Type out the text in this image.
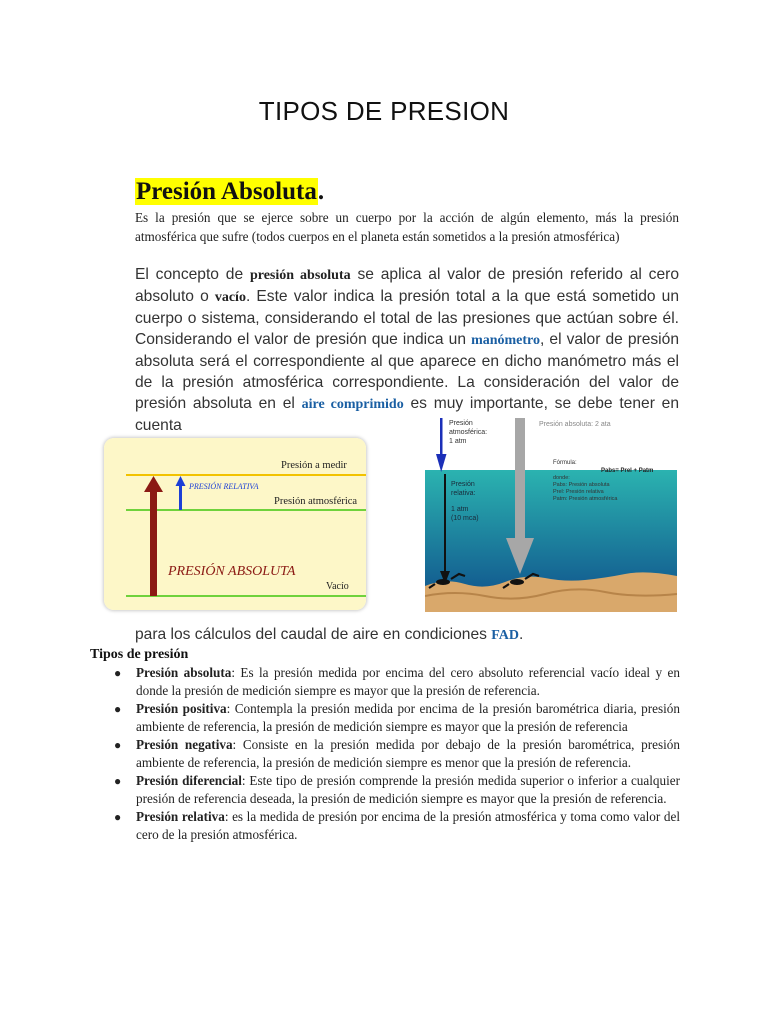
TIPOS DE PRESION
Presión Absoluta.
Es la presión que se ejerce sobre un cuerpo por la acción de algún elemento, más la presión atmosférica que sufre (todos cuerpos en el planeta están sometidos a la presión atmosférica)
El concepto de presión absoluta se aplica al valor de presión referido al cero absoluto o vacío. Este valor indica la presión total a la que está sometido un cuerpo o sistema, considerando el total de las presiones que actúan sobre él. Considerando el valor de presión que indica un manómetro, el valor de presión absoluta será el correspondiente al que aparece en dicho manómetro más el de la presión atmosférica correspondiente. La consideración del valor de presión absoluta en el aire comprimido es muy importante, se debe tener en cuenta
Presión a medir
PRESIÓN RELATIVA
Presión atmosférica
PRESIÓN ABSOLUTA
Vacío
Presión
atmosférica:
1 atm
Presión absoluta: 2 ata
Fórmula:
Pabs= Prel + Patm
donde:
Pabs: Presión absoluta
Prel: Presión relativa
Patm: Presión atmosférica
Presión
relativa:
1 atm
(10 mca)
para los cálculos del caudal de aire en condiciones FAD.
Tipos de presión
● Presión absoluta: Es la presión medida por encima del cero absoluto referencial vacío ideal y en donde la presión de medición siempre es mayor que la presión de referencia.
● Presión positiva: Contempla la presión medida por encima de la presión barométrica diaria, presión ambiente de referencia, la presión de medición siempre es mayor que la presión de referencia
● Presión negativa: Consiste en la presión medida por debajo de la presión barométrica, presión ambiente de referencia, la presión de medición siempre es menor que la presión de referencia.
● Presión diferencial: Este tipo de presión comprende la presión medida superior o inferior a cualquier presión de referencia deseada, la presión de medición siempre es mayor que la presión de referencia.
● Presión relativa: es la medida de presión por encima de la presión atmosférica y toma como valor del cero de la presión atmosférica.
